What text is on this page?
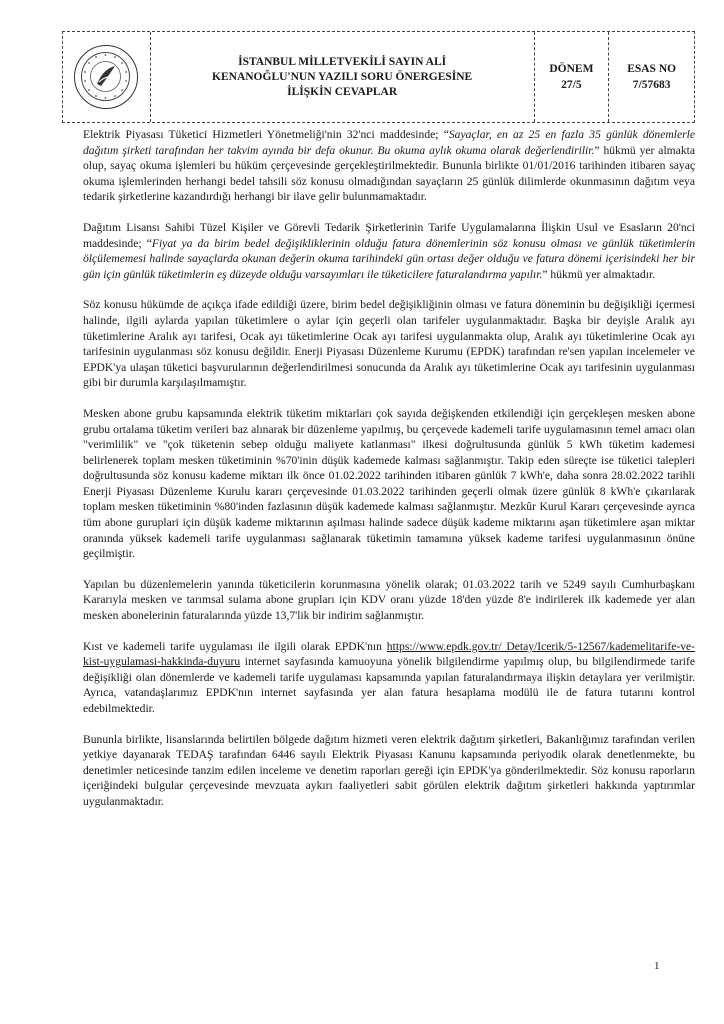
İSTANBUL MİLLETVEKİLİ SAYIN ALİ
KENANOĞLU'NUN YAZILI SORU ÖNERGESİNE
İLİŞKİN CEVAPLAR
DÖNEM
27/5
ESAS NO
7/57683

Elektrik Piyasası Tüketici Hizmetleri Yönetmeliği'nin 32'nci maddesinde; “Sayaçlar, en az 25 en fazla 35 günlük dönemlerle dağıtım şirketi tarafından her takvim ayında bir defa okunur. Bu okuma aylık okuma olarak değerlendirilir.” hükmü yer almakta olup, sayaç okuma işlemleri bu hüküm çerçevesinde gerçekleştirilmektedir. Bununla birlikte 01/01/2016 tarihinden itibaren sayaç okuma işlemlerinden herhangi bedel tahsili söz konusu olmadığından sayaçların 25 günlük dilimlerde okunmasının dağıtım veya tedarik şirketlerine kazandırdığı herhangi bir ilave gelir bulunmamaktadır.

Dağıtım Lisansı Sahibi Tüzel Kişiler ve Görevli Tedarik Şirketlerinin Tarife Uygulamalarına İlişkin Usul ve Esasların 20'nci maddesinde; “Fiyat ya da birim bedel değişikliklerinin olduğu fatura dönemlerinin söz konusu olması ve günlük tüketimlerin ölçülememesi halinde sayaçlarda okunan değerin okuma tarihindeki gün ortası değer olduğu ve fatura dönemi içerisindeki her bir gün için günlük tüketimlerin eş düzeyde olduğu varsayımları ile tüketicilere faturalandırma yapılır.” hükmü yer almaktadır.

Söz konusu hükümde de açıkça ifade edildiği üzere, birim bedel değişikliğinin olması ve fatura döneminin bu değişikliği içermesi halinde, ilgili aylarda yapılan tüketimlere o aylar için geçerli olan tarifeler uygulanmaktadır. Başka bir deyişle Aralık ayı tüketimlerine Aralık ayı tarifesi, Ocak ayı tüketimlerine Ocak ayı tarifesi uygulanmakta olup, Aralık ayı tüketimlerine Ocak ayı tarifesinin uygulanması söz konusu değildir. Enerji Piyasası Düzenleme Kurumu (EPDK) tarafından re'sen yapılan incelemeler ve EPDK'ya ulaşan tüketici başvurularının değerlendirilmesi sonucunda da Aralık ayı tüketimlerine Ocak ayı tarifesinin uygulanması gibi bir durumla karşılaşılmamıştır.

Mesken abone grubu kapsamında elektrik tüketim miktarları çok sayıda değişkenden etkilendiği için gerçekleşen mesken abone grubu ortalama tüketim verileri baz alınarak bir düzenleme yapılmış, bu çerçevede kademeli tarife uygulamasının temel amacı olan "verimlilik" ve "çok tüketenin sebep olduğu maliyete katlanması" ilkesi doğrultusunda günlük 5 kWh tüketim kademesi belirlenerek toplam mesken tüketiminin %70'inin düşük kademede kalması sağlanmıştır. Takip eden süreçte ise tüketici talepleri doğrultusunda söz konusu kademe miktarı ilk önce 01.02.2022 tarihinden itibaren günlük 7 kWh'e, daha sonra 28.02.2022 tarihli Enerji Piyasası Düzenleme Kurulu kararı çerçevesinde 01.03.2022 tarihinden geçerli olmak üzere günlük 8 kWh'e çıkarılarak toplam mesken tüketiminin %80'inden fazlasının düşük kademede kalması sağlanmıştır. Mezkûr Kurul Kararı çerçevesinde ayrıca tüm abone guruplari için düşük kademe miktarının aşılması halinde sadece düşük kademe miktarını aşan tüketimlere aşan miktar oranında yüksek kademeli tarife uygulanması sağlanarak tüketimin tamamına yüksek kademe tarifesi uygulanmasının önüne geçilmiştir.

Yapılan bu düzenlemelerin yanında tüketicilerin korunmasına yönelik olarak; 01.03.2022 tarih ve 5249 sayılı Cumhurbaşkanı Kararıyla mesken ve tarımsal sulama abone grupları için KDV oranı yüzde 18'den yüzde 8'e indirilerek ilk kademede yer alan mesken abonelerinin faturalarında yüzde 13,7'lik bir indirim sağlanmıştır.

Kıst ve kademeli tarife uygulaması ile ilgili olarak EPDK'nın https://www.epdk.gov.tr/ Detay/Icerik/5-12567/kademelitarife-ve-kist-uygulamasi-hakkinda-duyuru internet sayfasında kamuoyuna yönelik bilgilendirme yapılmış olup, bu bilgilendirmede tarife değişikliği olan dönemlerde ve kademeli tarife uygulaması kapsamında yapılan faturalandırmaya ilişkin detaylara yer verilmiştir. Ayrıca, vatandaşlarımız EPDK'nın internet sayfasında yer alan fatura hesaplama modülü ile de fatura tutarını kontrol edebilmektedir.

Bununla birlikte, lisanslarında belirtilen bölgede dağıtım hizmeti veren elektrik dağıtım şirketleri, Bakanlığımız tarafından verilen yetkiye dayanarak TEDAŞ tarafından 6446 sayılı Elektrik Piyasası Kanunu kapsamında periyodik olarak denetlenmekte, bu denetimler neticesinde tanzim edilen inceleme ve denetim raporları gereği için EPDK'ya gönderilmektedir. Söz konusu raporların içeriğindeki bulgular çerçevesinde mevzuata aykırı faaliyetleri sabit görülen elektrik dağıtım şirketleri hakkında yaptırımlar uygulanmaktadır.

1
